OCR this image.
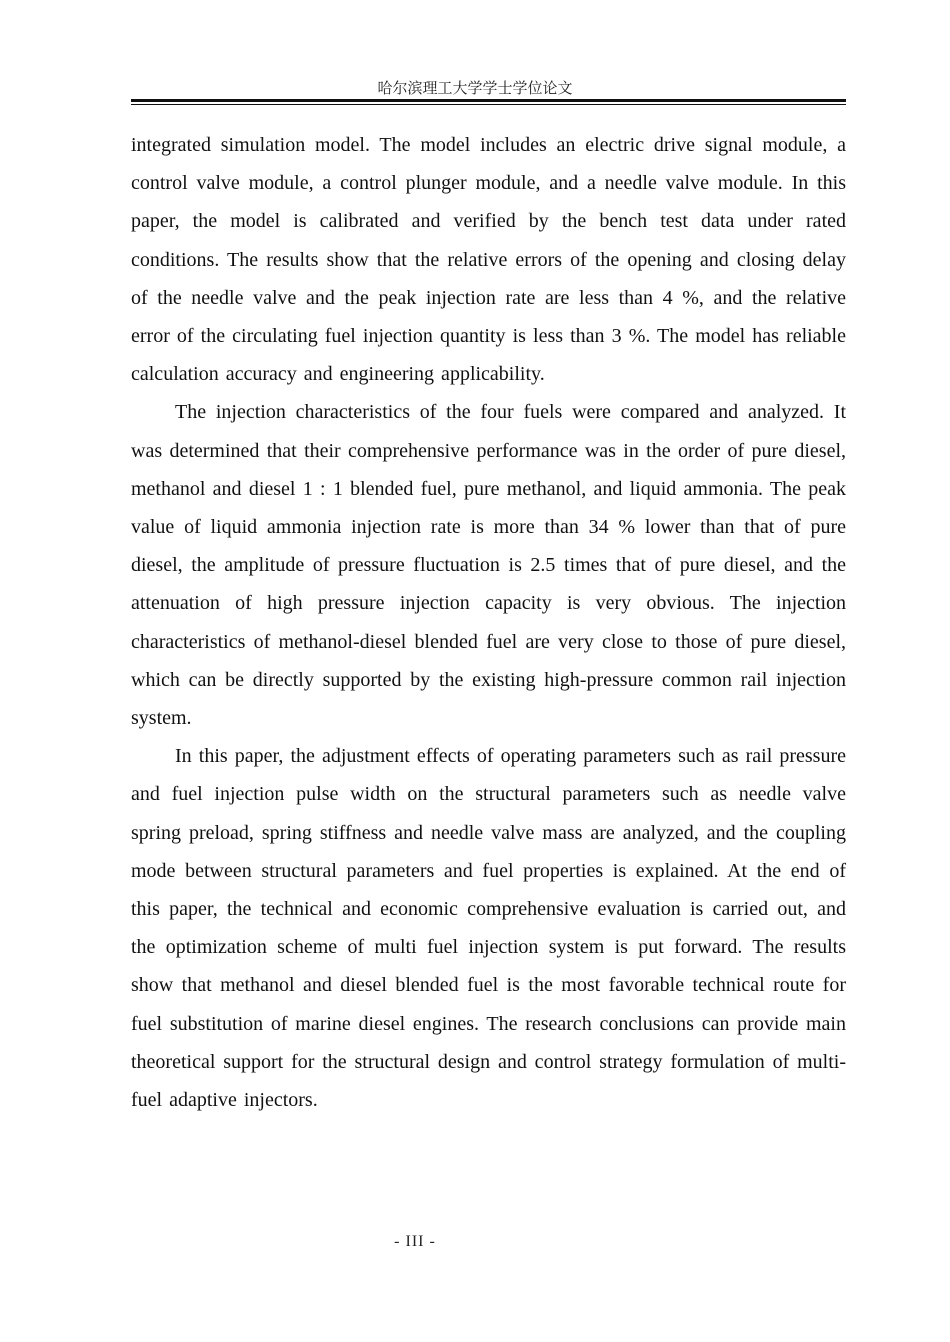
哈尔滨理工大学学士学位论文

integrated simulation model. The model includes an electric drive signal module, a control valve module, a control plunger module, and a needle valve module. In this paper, the model is calibrated and verified by the bench test data under rated conditions. The results show that the relative errors of the opening and closing delay of the needle valve and the peak injection rate are less than 4 %, and the relative error of the circulating fuel injection quantity is less than 3 %. The model has reliable calculation accuracy and engineering applicability.

The injection characteristics of the four fuels were compared and analyzed. It was determined that their comprehensive performance was in the order of pure diesel, methanol and diesel 1 : 1 blended fuel, pure methanol, and liquid ammonia. The peak value of liquid ammonia injection rate is more than 34 % lower than that of pure diesel, the amplitude of pressure fluctuation is 2.5 times that of pure diesel, and the attenuation of high pressure injection capacity is very obvious. The injection characteristics of methanol-diesel blended fuel are very close to those of pure diesel, which can be directly supported by the existing high-pressure common rail injection system.

In this paper, the adjustment effects of operating parameters such as rail pressure and fuel injection pulse width on the structural parameters such as needle valve spring preload, spring stiffness and needle valve mass are analyzed, and the coupling mode between structural parameters and fuel properties is explained. At the end of this paper, the technical and economic comprehensive evaluation is carried out, and the optimization scheme of multi fuel injection system is put forward. The results show that methanol and diesel blended fuel is the most favorable technical route for fuel substitution of marine diesel engines. The research conclusions can provide main theoretical support for the structural design and control strategy formulation of multi-fuel adaptive injectors.

- III -
